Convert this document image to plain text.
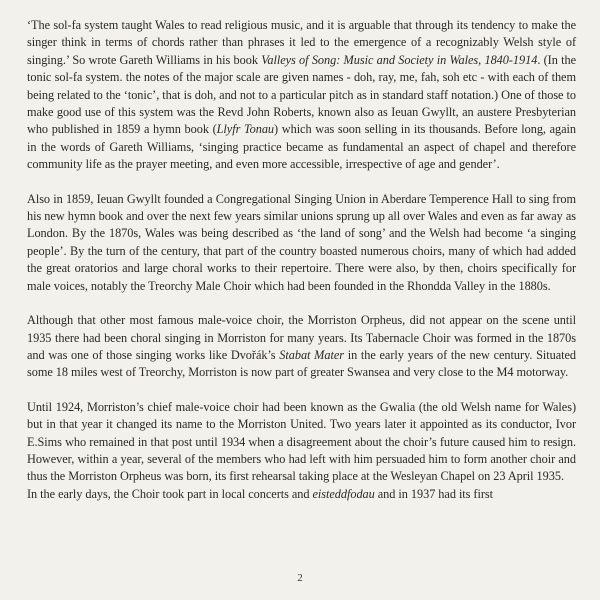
‘The sol-fa system taught Wales to read religious music, and it is arguable that through its tendency to make the singer think in terms of chords rather than phrases it led to the emergence of a recognizably Welsh style of singing.’ So wrote Gareth Williams in his book Valleys of Song: Music and Society in Wales, 1840-1914. (In the tonic sol-fa system. the notes of the major scale are given names - doh, ray, me, fah, soh etc - with each of them being related to the ‘tonic’, that is doh, and not to a particular pitch as in standard staff notation.) One of those to make good use of this system was the Revd John Roberts, known also as Ieuan Gwyllt, an austere Presbyterian who published in 1859 a hymn book (Llyfr Tonau) which was soon selling in its thousands. Before long, again in the words of Gareth Williams, ‘singing practice became as fundamental an aspect of chapel and therefore community life as the prayer meeting, and even more accessible, irrespective of age and gender’.

Also in 1859, Ieuan Gwyllt founded a Congregational Singing Union in Aberdare Temperence Hall to sing from his new hymn book and over the next few years similar unions sprung up all over Wales and even as far away as London. By the 1870s, Wales was being described as ‘the land of song’ and the Welsh had become ‘a singing people’. By the turn of the century, that part of the country boasted numerous choirs, many of which had added the great oratorios and large choral works to their repertoire. There were also, by then, choirs specifically for male voices, notably the Treorchy Male Choir which had been founded in the Rhondda Valley in the 1880s.

Although that other most famous male-voice choir, the Morriston Orpheus, did not appear on the scene until 1935 there had been choral singing in Morriston for many years. Its Tabernacle Choir was formed in the 1870s and was one of those singing works like Dvořák’s Stabat Mater in the early years of the new century. Situated some 18 miles west of Treorchy, Morriston is now part of greater Swansea and very close to the M4 motorway.

Until 1924, Morriston’s chief male-voice choir had been known as the Gwalia (the old Welsh name for Wales) but in that year it changed its name to the Morriston United. Two years later it appointed as its conductor, Ivor E.Sims who remained in that post until 1934 when a disagreement about the choir’s future caused him to resign. However, within a year, several of the members who had left with him persuaded him to form another choir and thus the Morriston Orpheus was born, its first rehearsal taking place at the Wesleyan Chapel on 23 April 1935.

In the early days, the Choir took part in local concerts and eisteddfodau and in 1937 had its first

2
